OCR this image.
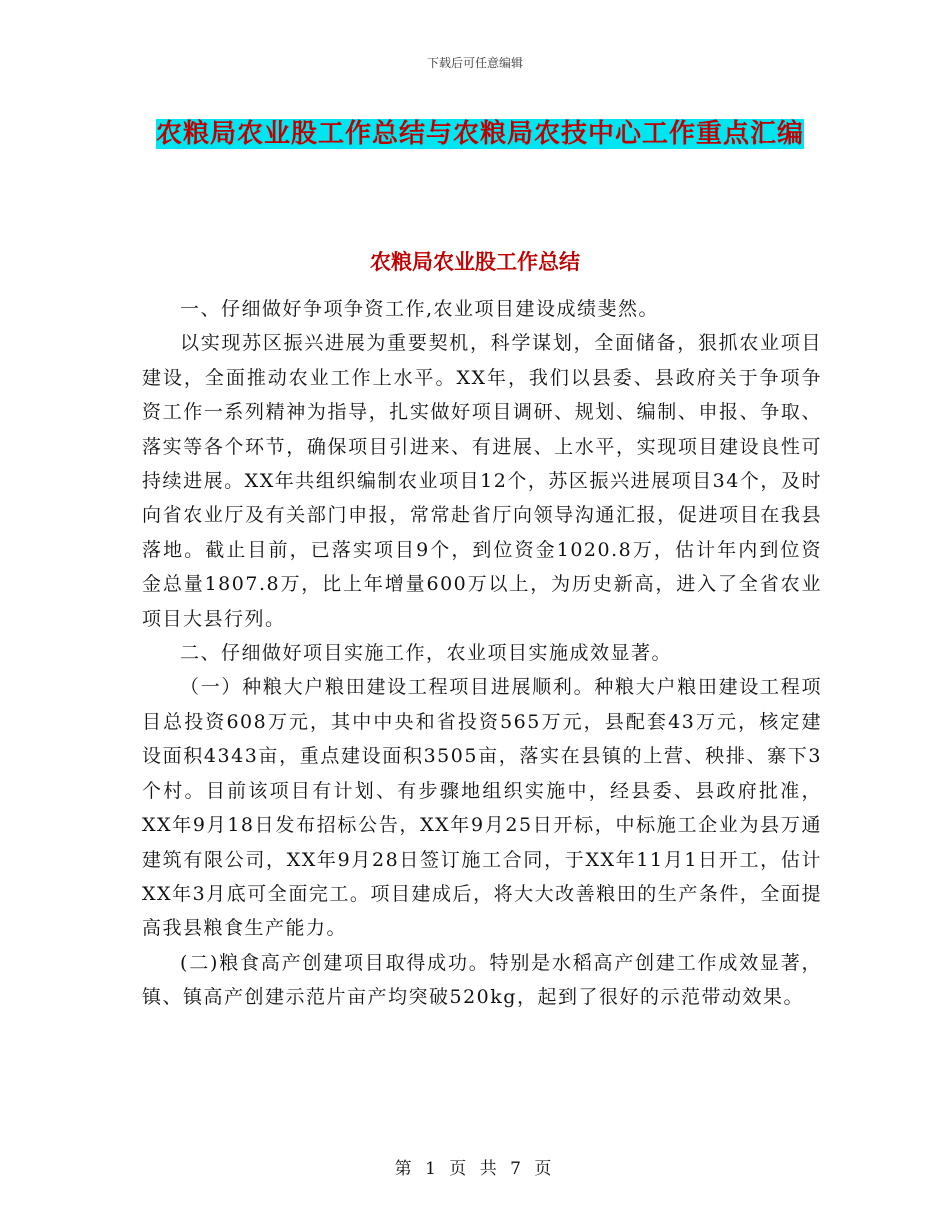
下载后可任意编辑
农粮局农业股工作总结与农粮局农技中心工作重点汇编
农粮局农业股工作总结

一、仔细做好争项争资工作,农业项目建设成绩斐然。

以实现苏区振兴进展为重要契机，科学谋划，全面储备，狠抓农业项目建设，全面推动农业工作上水平。XX年，我们以县委、县政府关于争项争资工作一系列精神为指导，扎实做好项目调研、规划、编制、申报、争取、落实等各个环节，确保项目引进来、有进展、上水平，实现项目建设良性可持续进展。XX年共组织编制农业项目12个，苏区振兴进展项目34个，及时向省农业厅及有关部门申报，常常赴省厅向领导沟通汇报，促进项目在我县落地。截止目前，已落实项目9个，到位资金1020.8万，估计年内到位资金总量1807.8万，比上年增量600万以上，为历史新高，进入了全省农业项目大县行列。

二、仔细做好项目实施工作，农业项目实施成效显著。

（一）种粮大户粮田建设工程项目进展顺利。种粮大户粮田建设工程项目总投资608万元，其中中央和省投资565万元，县配套43万元，核定建设面积4343亩，重点建设面积3505亩，落实在县镇的上营、秧排、寨下3个村。目前该项目有计划、有步骤地组织实施中，经县委、县政府批准，XX年9月18日发布招标公告，XX年9月25日开标，中标施工企业为县万通建筑有限公司，XX年9月28日签订施工合同，于XX年11月1日开工，估计XX年3月底可全面完工。项目建成后，将大大改善粮田的生产条件，全面提高我县粮食生产能力。

(二)粮食高产创建项目取得成功。特别是水稻高产创建工作成效显著，镇、镇高产创建示范片亩产均突破520kg，起到了很好的示范带动效果。

第 1 页 共 7 页
